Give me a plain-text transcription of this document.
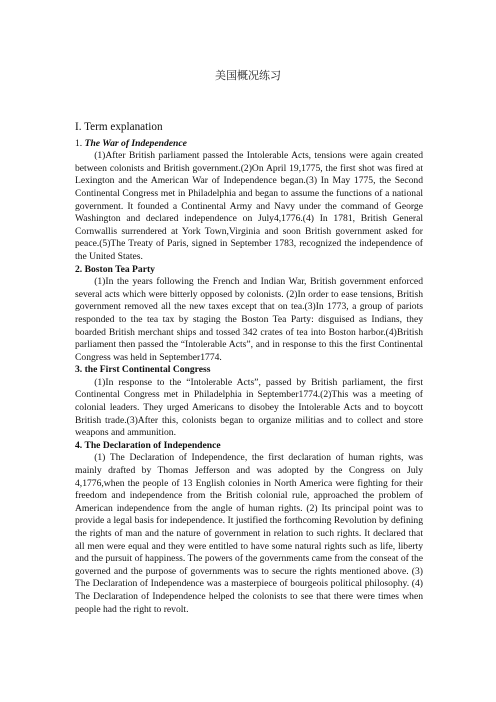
美国概况练习
I. Term explanation

1. The War of Independence

(1)After British parliament passed the Intolerable Acts, tensions were again created between colonists and British government.(2)On April 19,1775, the first shot was fired at Lexington and the American War of Independence began.(3) In May 1775, the Second Continental Congress met in Philadelphia and began to assume the functions of a national government. It founded a Continental Army and Navy under the command of George Washington and declared independence on July4,1776.(4) In 1781, British General Cornwallis surrendered at York Town,Virginia and soon British government asked for peace.(5)The Treaty of Paris, signed in September 1783, recognized the independence of the United States.

2. Boston Tea Party

(1)In the years following the French and Indian War, British government enforced several acts which were bitterly opposed by colonists. (2)In order to ease tensions, British government removed all the new taxes except that on tea.(3)In 1773, a group of pariots responded to the tea tax by staging the Boston Tea Party: disguised as Indians, they boarded British merchant ships and tossed 342 crates of tea into Boston harbor.(4)British parliament then passed the “Intolerable Acts”, and in response to this the first Continental Congress was held in September1774.

3. the First Continental Congress

(1)In response to the “Intolerable Acts”, passed by British parliament, the first Continental Congress met in Philadelphia in September1774.(2)This was a meeting of colonial leaders. They urged Americans to disobey the Intolerable Acts and to boycott British trade.(3)After this, colonists began to organize militias and to collect and store weapons and ammunition.

4. The Declaration of Independence

(1) The Declaration of Independence, the first declaration of human rights, was mainly drafted by Thomas Jefferson and was adopted by the Congress on July 4,1776,when the people of 13 English colonies in North America were fighting for their freedom and independence from the British colonial rule, approached the problem of American independence from the angle of human rights. (2) Its principal point was to provide a legal basis for independence. It justified the forthcoming Revolution by defining the rights of man and the nature of government in relation to such rights. It declared that all men were equal and they were entitled to have some natural rights such as life, liberty and the pursuit of happiness. The powers of the governments came from the conseat of the governed and the purpose of governments was to secure the rights mentioned above. (3) The Declaration of Independence was a masterpiece of bourgeois political philosophy. (4) The Declaration of Independence helped the colonists to see that there were times when people had the right to revolt.
